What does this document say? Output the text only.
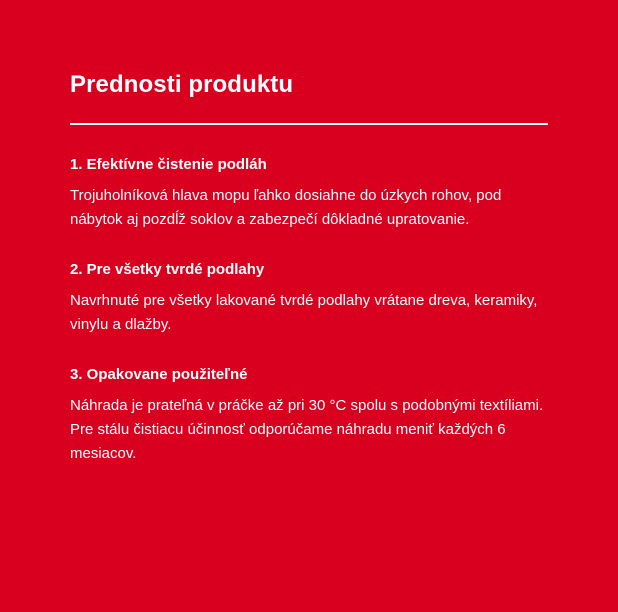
Prednosti produktu
1. Efektívne čistenie podláh

Trojuholníková hlava mopu ľahko dosiahne do úzkych rohov, pod nábytok aj pozdĺž soklov a zabezpečí dôkladné upratovanie.

2. Pre všetky tvrdé podlahy

Navrhnuté pre všetky lakované tvrdé podlahy vrátane dreva, keramiky, vinylu a dlažby.

3. Opakovane použiteľné

Náhrada je prateľná v práčke až pri 30 °C spolu s podobnými textíliami. Pre stálu čistiacu účinnosť odporúčame náhradu meniť každých 6 mesiacov.
